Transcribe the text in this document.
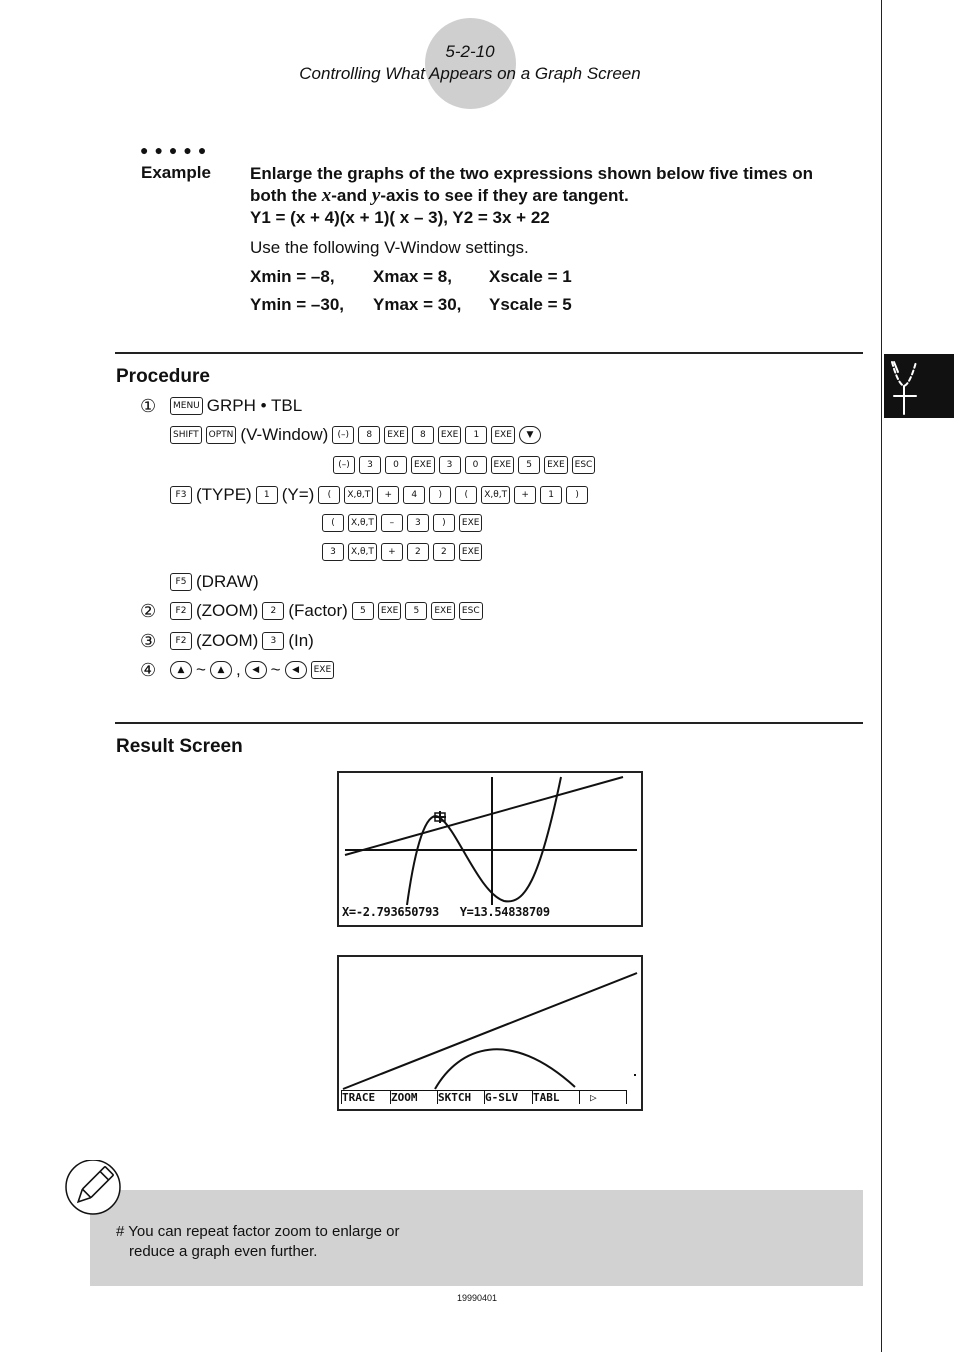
5-2-10
Controlling What Appears on a Graph Screen
●●●●●
Example Enlarge the graphs of the two expressions shown below five times on
both the x-and y-axis to see if they are tangent.
Y1 = (x + 4)(x + 1)( x – 3), Y2 = 3x + 22
Use the following V-Window settings.
Xmin = –8, Xmax = 8, Xscale = 1
Ymin = –30, Ymax = 30, Yscale = 5
Procedure
①	MENU GRPH • TBL
SHIFT	OPTN (V-Window)	(–)	8	EXE	8	EXE	1	EXE	▼
(–)	3	0	EXE	3	0	EXE	5	EXE	ESC
F3 (TYPE)	1 (Y=)	(	X,θ,T	+	4	)	(	X,θ,T	+	1	)
(	X,θ,T	–	3	)	EXE
3	X,θ,T	+	2	2	EXE
F5 (DRAW)
②	F2 (ZOOM)	2 (Factor)	5	EXE	5	EXE	ESC
③	F2 (ZOOM)	3 (In)
④	▲ ~	▲ ,	◀ ~	◀	EXE
Result Screen
X=-2.793650793   Y=13.54838709
TRACE	ZOOM	SKTCH	G-SLV	TABL	▷
# You can repeat factor zoom to enlarge or
reduce a graph even further.
19990401
